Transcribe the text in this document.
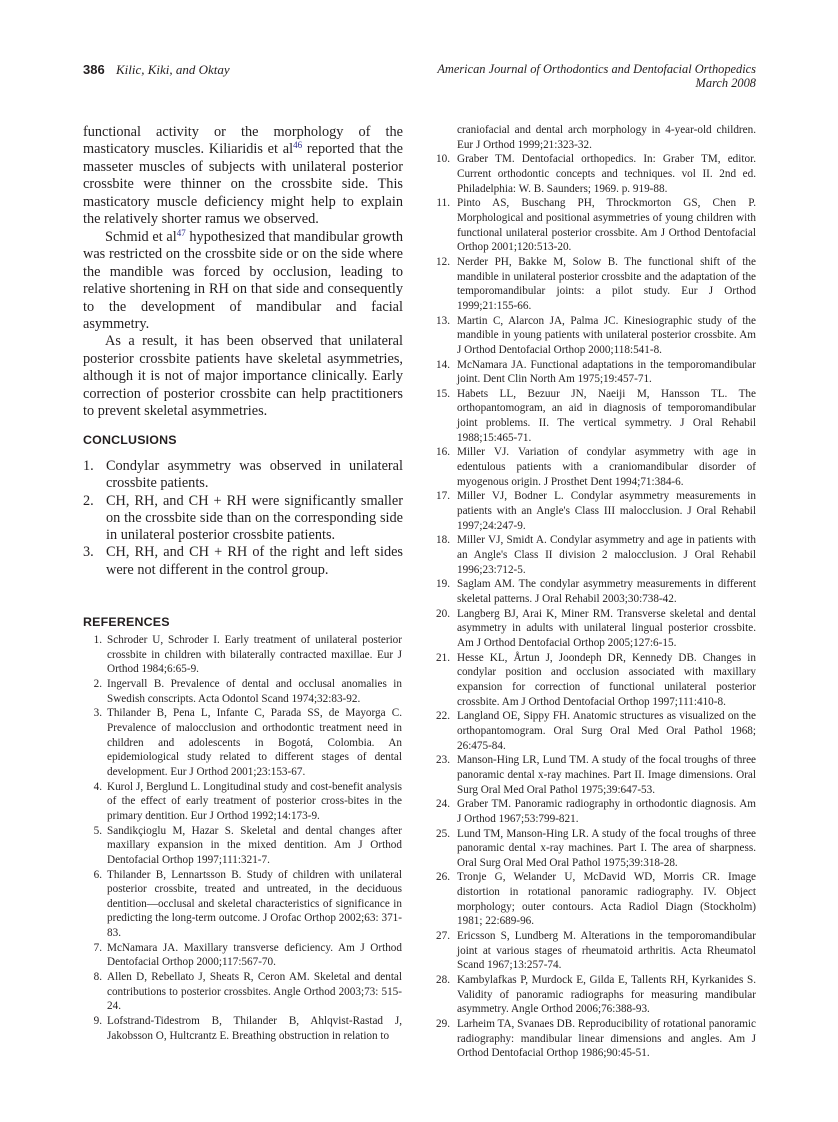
386 Kilic, Kiki, and Oktay	American Journal of Orthodontics and Dentofacial Orthopedics
March 2008

functional activity or the morphology of the masticatory muscles. Kiliaridis et $al^{46}$ reported that the masseter muscles of subjects with unilateral posterior crossbite were thinner on the crossbite side. This masticatory muscle deficiency might help to explain the relatively shorter ramus we observed.

Schmid et $al^{47}$ hypothesized that mandibular growth was restricted on the crossbite side or on the side where the mandible was forced by occlusion, leading to relative shortening in RH on that side and consequently to the development of mandibular and facial asymmetry.

As a result, it has been observed that unilateral posterior crossbite patients have skeletal asymmetries, although it is not of major importance clinically. Early correction of posterior crossbite can help practitioners to prevent skeletal asymmetries.

CONCLUSIONS
1. Condylar asymmetry was observed in unilateral crossbite patients.
2. CH, RH, and CH + RH were significantly smaller on the crossbite side than on the corresponding side in unilateral posterior crossbite patients.
3. CH, RH, and CH + RH of the right and left sides were not different in the control group.
REFERENCES
1. Schroder U, Schroder I. Early treatment of unilateral posterior crossbite in children with bilaterally contracted maxillae. Eur J Orthod 1984;6:65-9.
2. Ingervall B. Prevalence of dental and occlusal anomalies in Swedish conscripts. Acta Odontol Scand 1974;32:83-92.
3. Thilander B, Pena L, Infante C, Parada SS, de Mayorga C. Prevalence of malocclusion and orthodontic treatment need in children and adolescents in Bogotá, Colombia. An epidemiological study related to different stages of dental development. Eur J Orthod 2001;23:153-67.
4. Kurol J, Berglund L. Longitudinal study and cost-benefit analysis of the effect of early treatment of posterior cross-bites in the primary dentition. Eur J Orthod 1992;14:173-9.
5. Sandikçioglu M, Hazar S. Skeletal and dental changes after maxillary expansion in the mixed dentition. Am J Orthod Dentofacial Orthop 1997;111:321-7.
6. Thilander B, Lennartsson B. Study of children with unilateral posterior crossbite, treated and untreated, in the deciduous dentition—occlusal and skeletal characteristics of significance in predicting the long-term outcome. J Orofac Orthop 2002;63: 371-83.
7. McNamara JA. Maxillary transverse deficiency. Am J Orthod Dentofacial Orthop 2000;117:567-70.
8. Allen D, Rebellato J, Sheats R, Ceron AM. Skeletal and dental contributions to posterior crossbites. Angle Orthod 2003;73: 515-24.
9. Lofstrand-Tidestrom B, Thilander B, Ahlqvist-Rastad J, Jakobsson O, Hultcrantz E. Breathing obstruction in relation to
craniofacial and dental arch morphology in 4-year-old children. Eur J Orthod 1999;21:323-32.
10. Graber TM. Dentofacial orthopedics. In: Graber TM, editor. Current orthodontic concepts and techniques. vol II. 2nd ed. Philadelphia: W. B. Saunders; 1969. p. 919-88.
11. Pinto AS, Buschang PH, Throckmorton GS, Chen P. Morphological and positional asymmetries of young children with functional unilateral posterior crossbite. Am J Orthod Dentofacial Orthop 2001;120:513-20.
12. Nerder PH, Bakke M, Solow B. The functional shift of the mandible in unilateral posterior crossbite and the adaptation of the temporomandibular joints: a pilot study. Eur J Orthod 1999;21:155-66.
13. Martin C, Alarcon JA, Palma JC. Kinesiographic study of the mandible in young patients with unilateral posterior crossbite. Am J Orthod Dentofacial Orthop 2000;118:541-8.
14. McNamara JA. Functional adaptations in the temporomandibular joint. Dent Clin North Am 1975;19:457-71.
15. Habets LL, Bezuur JN, Naeiji M, Hansson TL. The orthopantomogram, an aid in diagnosis of temporomandibular joint problems. II. The vertical symmetry. J Oral Rehabil 1988;15:465-71.
16. Miller VJ. Variation of condylar asymmetry with age in edentulous patients with a craniomandibular disorder of myogenous origin. J Prosthet Dent 1994;71:384-6.
17. Miller VJ, Bodner L. Condylar asymmetry measurements in patients with an Angle's Class III malocclusion. J Oral Rehabil 1997;24:247-9.
18. Miller VJ, Smidt A. Condylar asymmetry and age in patients with an Angle's Class II division 2 malocclusion. J Oral Rehabil 1996;23:712-5.
19. Saglam AM. The condylar asymmetry measurements in different skeletal patterns. J Oral Rehabil 2003;30:738-42.
20. Langberg BJ, Arai K, Miner RM. Transverse skeletal and dental asymmetry in adults with unilateral lingual posterior crossbite. Am J Orthod Dentofacial Orthop 2005;127:6-15.
21. Hesse KL, Årtun J, Joondeph DR, Kennedy DB. Changes in condylar position and occlusion associated with maxillary expansion for correction of functional unilateral posterior crossbite. Am J Orthod Dentofacial Orthop 1997;111:410-8.
22. Langland OE, Sippy FH. Anatomic structures as visualized on the orthopantomogram. Oral Surg Oral Med Oral Pathol 1968; 26:475-84.
23. Manson-Hing LR, Lund TM. A study of the focal troughs of three panoramic dental x-ray machines. Part II. Image dimensions. Oral Surg Oral Med Oral Pathol 1975;39:647-53.
24. Graber TM. Panoramic radiography in orthodontic diagnosis. Am J Orthod 1967;53:799-821.
25. Lund TM, Manson-Hing LR. A study of the focal troughs of three panoramic dental x-ray machines. Part I. The area of sharpness. Oral Surg Oral Med Oral Pathol 1975;39:318-28.
26. Tronje G, Welander U, McDavid WD, Morris CR. Image distortion in rotational panoramic radiography. IV. Object morphology; outer contours. Acta Radiol Diagn (Stockholm) 1981; 22:689-96.
27. Ericsson S, Lundberg M. Alterations in the temporomandibular joint at various stages of rheumatoid arthritis. Acta Rheumatol Scand 1967;13:257-74.
28. Kambylafkas P, Murdock E, Gilda E, Tallents RH, Kyrkanides S. Validity of panoramic radiographs for measuring mandibular asymmetry. Angle Orthod 2006;76:388-93.
29. Larheim TA, Svanaes DB. Reproducibility of rotational panoramic radiography: mandibular linear dimensions and angles. Am J Orthod Dentofacial Orthop 1986;90:45-51.
